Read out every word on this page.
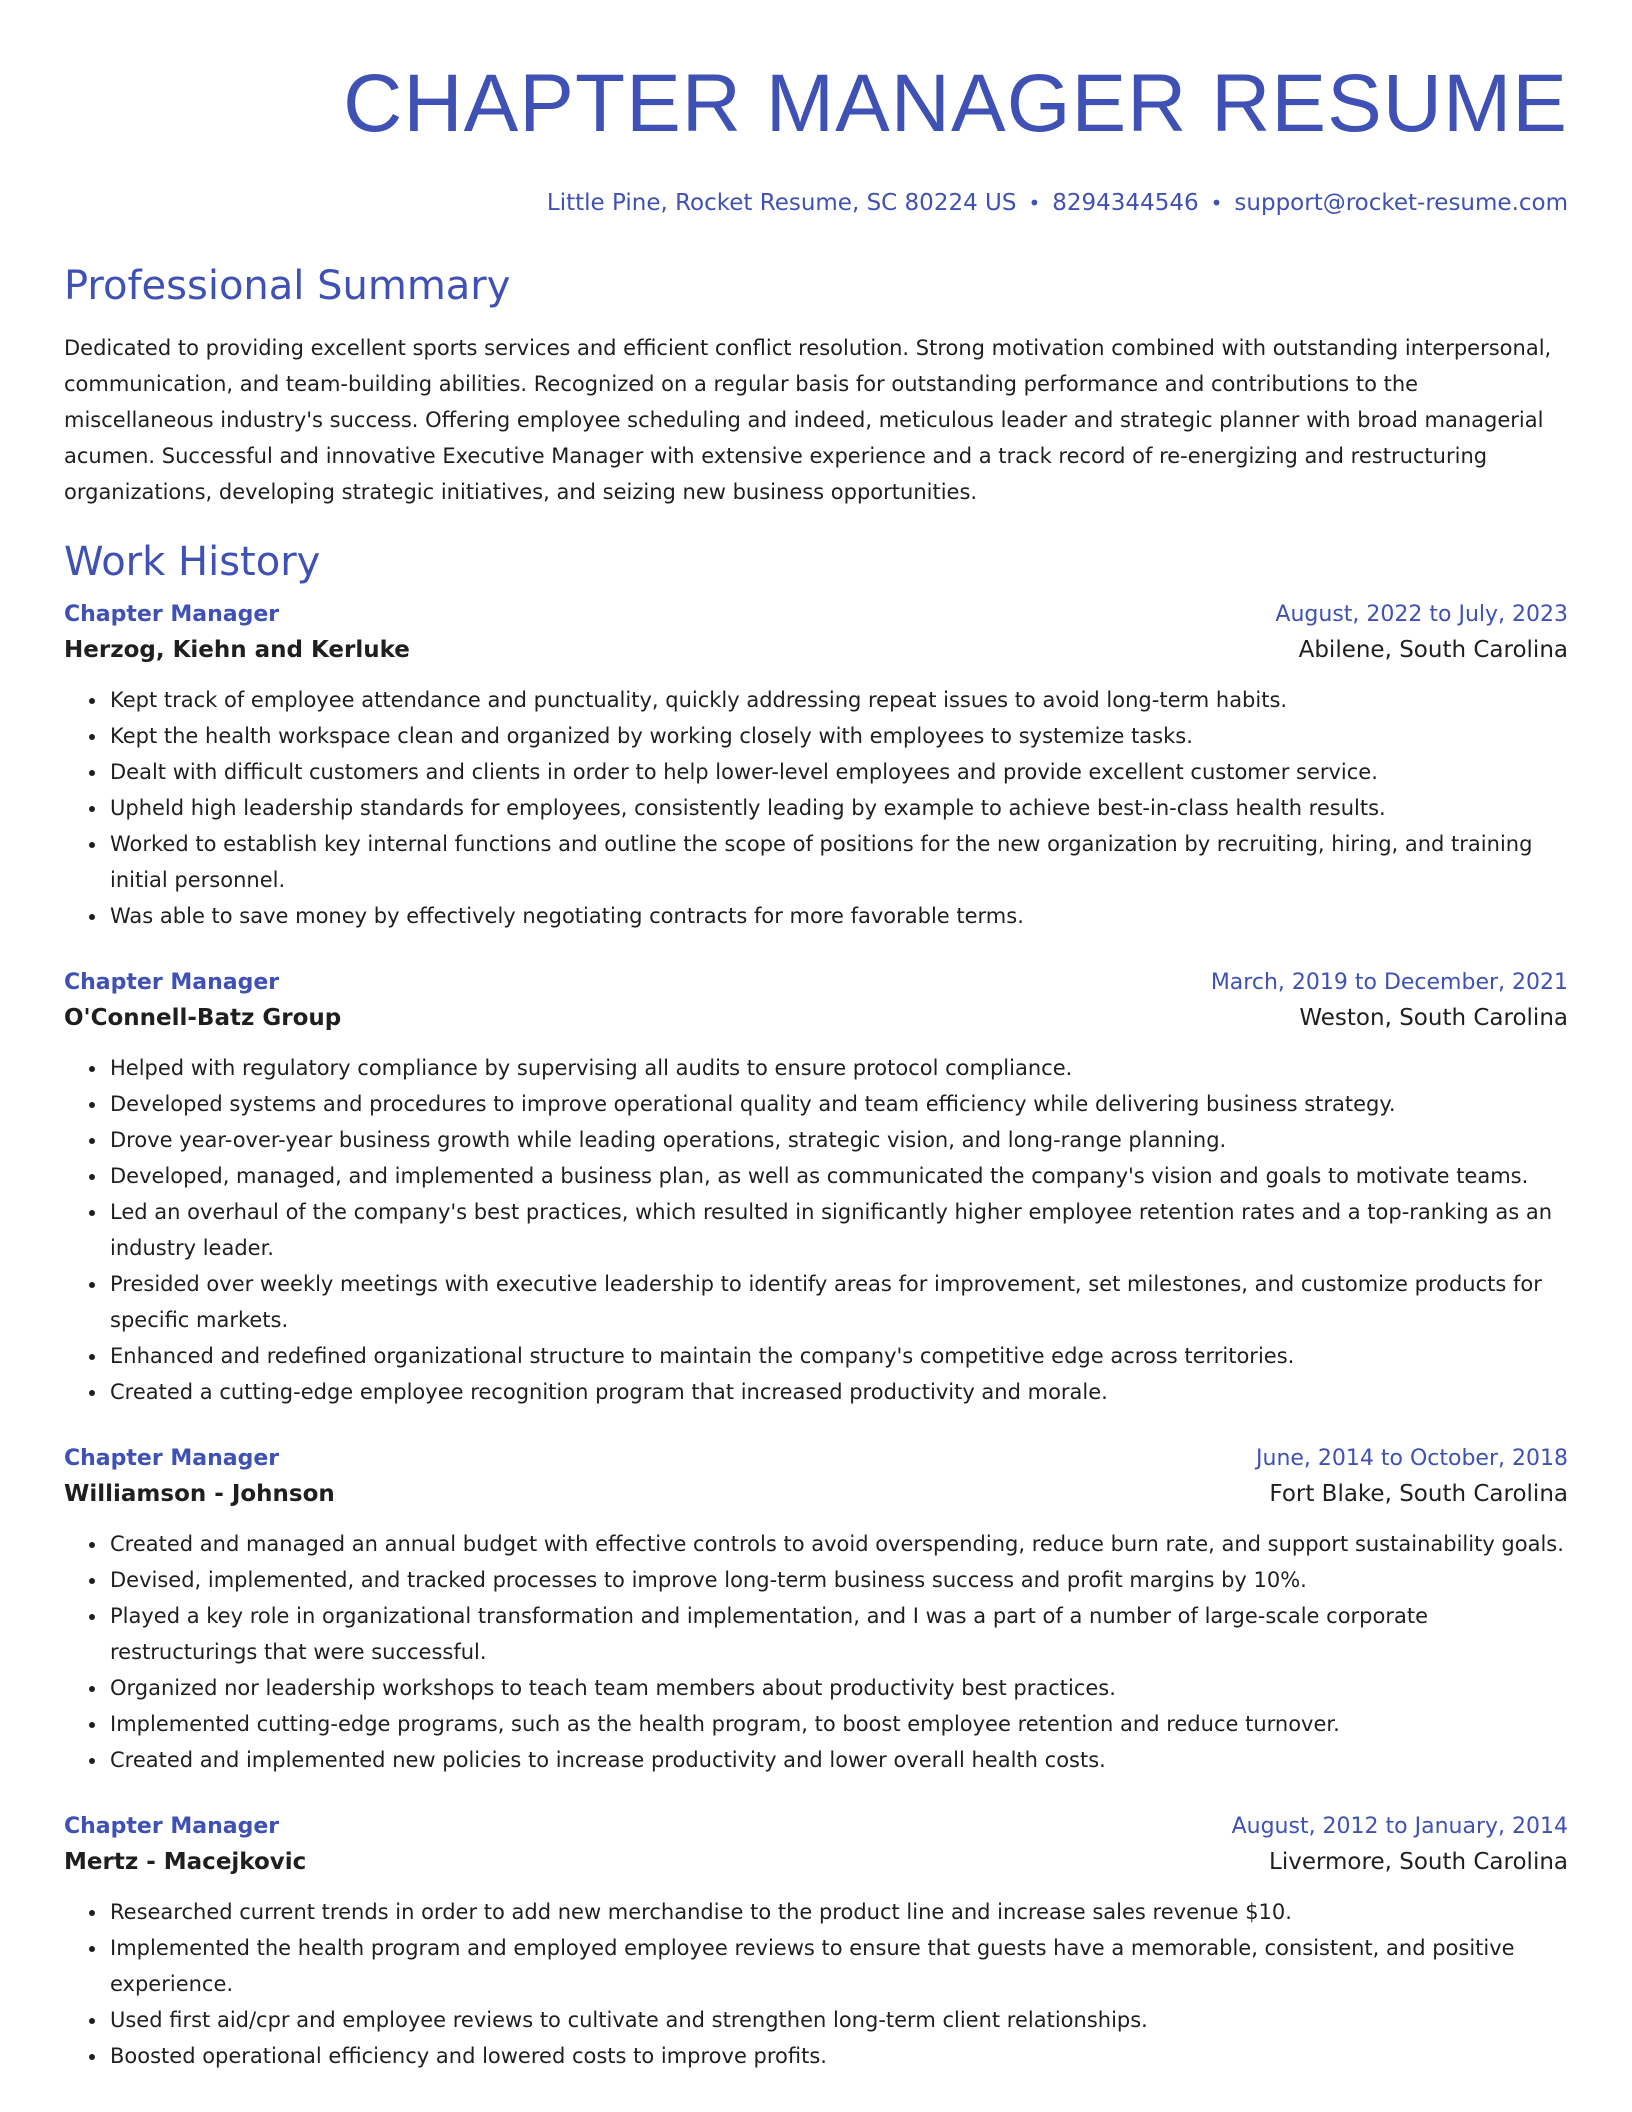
CHAPTER MANAGER RESUME
Little Pine, Rocket Resume, SC 80224 US • 8294344546 • support@rocket-resume.com
Professional Summary
Dedicated to providing excellent sports services and efficient conflict resolution. Strong motivation combined with outstanding interpersonal, communication, and team-building abilities. Recognized on a regular basis for outstanding performance and contributions to the miscellaneous industry's success. Offering employee scheduling and indeed, meticulous leader and strategic planner with broad managerial acumen. Successful and innovative Executive Manager with extensive experience and a track record of re-energizing and restructuring organizations, developing strategic initiatives, and seizing new business opportunities.
Work History
Chapter Manager	August, 2022 to July, 2023
Herzog, Kiehn and Kerluke	Abilene, South Carolina
• Kept track of employee attendance and punctuality, quickly addressing repeat issues to avoid long-term habits.
• Kept the health workspace clean and organized by working closely with employees to systemize tasks.
• Dealt with difficult customers and clients in order to help lower-level employees and provide excellent customer service.
• Upheld high leadership standards for employees, consistently leading by example to achieve best-in-class health results.
• Worked to establish key internal functions and outline the scope of positions for the new organization by recruiting, hiring, and training initial personnel.
• Was able to save money by effectively negotiating contracts for more favorable terms.
Chapter Manager	March, 2019 to December, 2021
O'Connell-Batz Group	Weston, South Carolina
• Helped with regulatory compliance by supervising all audits to ensure protocol compliance.
• Developed systems and procedures to improve operational quality and team efficiency while delivering business strategy.
• Drove year-over-year business growth while leading operations, strategic vision, and long-range planning.
• Developed, managed, and implemented a business plan, as well as communicated the company's vision and goals to motivate teams.
• Led an overhaul of the company's best practices, which resulted in significantly higher employee retention rates and a top-ranking as an industry leader.
• Presided over weekly meetings with executive leadership to identify areas for improvement, set milestones, and customize products for specific markets.
• Enhanced and redefined organizational structure to maintain the company's competitive edge across territories.
• Created a cutting-edge employee recognition program that increased productivity and morale.
Chapter Manager	June, 2014 to October, 2018
Williamson - Johnson	Fort Blake, South Carolina
• Created and managed an annual budget with effective controls to avoid overspending, reduce burn rate, and support sustainability goals.
• Devised, implemented, and tracked processes to improve long-term business success and profit margins by 10%.
• Played a key role in organizational transformation and implementation, and I was a part of a number of large-scale corporate restructurings that were successful.
• Organized nor leadership workshops to teach team members about productivity best practices.
• Implemented cutting-edge programs, such as the health program, to boost employee retention and reduce turnover.
• Created and implemented new policies to increase productivity and lower overall health costs.
Chapter Manager	August, 2012 to January, 2014
Mertz - Macejkovic	Livermore, South Carolina
• Researched current trends in order to add new merchandise to the product line and increase sales revenue $10.
• Implemented the health program and employed employee reviews to ensure that guests have a memorable, consistent, and positive experience.
• Used first aid/cpr and employee reviews to cultivate and strengthen long-term client relationships.
• Boosted operational efficiency and lowered costs to improve profits.
